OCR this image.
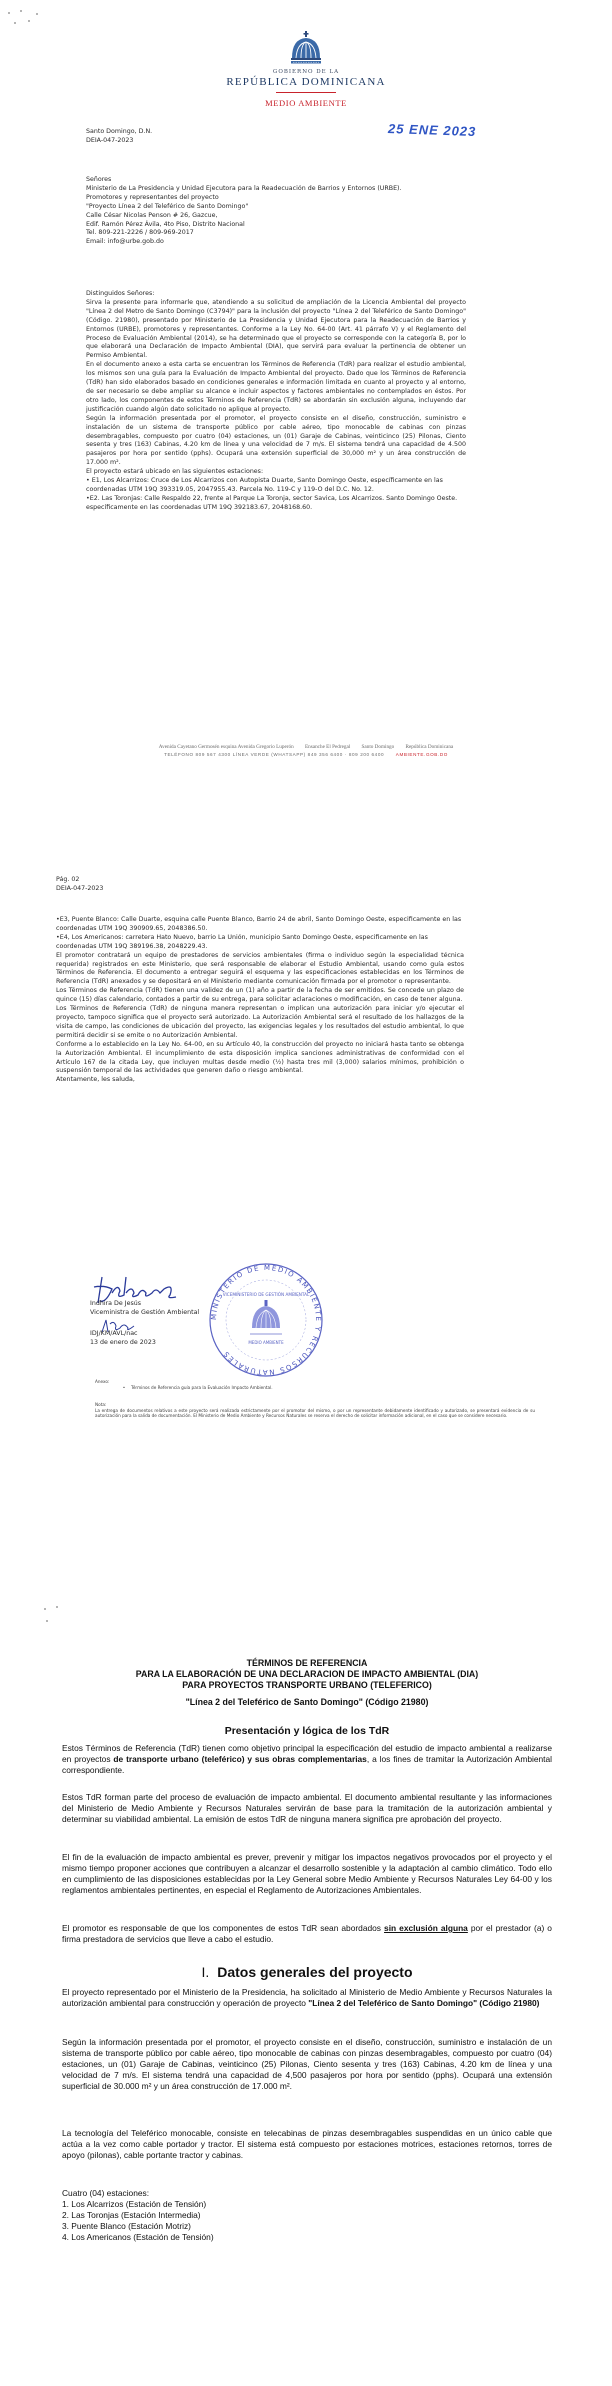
GOBIERNO DE LA
REPÚBLICA DOMINICANA
MEDIO AMBIENTE
25 ENE 2023

Santo Domingo, D.N.

DEIA-047-2023

Señores

Ministerio de La Presidencia y Unidad Ejecutora para la Readecuación de Barrios y Entornos (URBE).

Promotores y representantes del proyecto

"Proyecto Línea 2 del Teleférico de Santo Domingo"

Calle César Nicolas Penson # 26, Gazcue,

Edif. Ramón Pérez Ávila, 4to Piso, Distrito Nacional

Tel. 809-221-2226 / 809-969-2017

Email: info@urbe.gob.do

Distinguidos Señores:

Sirva la presente para informarle que, atendiendo a su solicitud de ampliación de la Licencia Ambiental del proyecto "Línea 2 del Metro de Santo Domingo (C3794)" para la inclusión del proyecto "Línea 2 del Teleférico de Santo Domingo" (Código. 21980), presentado por Ministerio de La Presidencia y Unidad Ejecutora para la Readecuación de Barrios y Entornos (URBE), promotores y representantes. Conforme a la Ley No. 64-00 (Art. 41 párrafo V) y el Reglamento del Proceso de Evaluación Ambiental (2014), se ha determinado que el proyecto se corresponde con la categoría B, por lo que elaborará una Declaración de Impacto Ambiental (DIA), que servirá para evaluar la pertinencia de obtener un Permiso Ambiental.

En el documento anexo a esta carta se encuentran los Términos de Referencia (TdR) para realizar el estudio ambiental, los mismos son una guía para la Evaluación de Impacto Ambiental del proyecto. Dado que los Términos de Referencia (TdR) han sido elaborados basado en condiciones generales e información limitada en cuanto al proyecto y al entorno, de ser necesario se debe ampliar su alcance e incluir aspectos y factores ambientales no contemplados en éstos. Por otro lado, los componentes de estos Términos de Referencia (TdR) se abordarán sin exclusión alguna, incluyendo dar justificación cuando algún dato solicitado no aplique al proyecto.

Según la información presentada por el promotor, el proyecto consiste en el diseño, construcción, suministro e instalación de un sistema de transporte público por cable aéreo, tipo monocable de cabinas con pinzas desembragables, compuesto por cuatro (04) estaciones, un (01) Garaje de Cabinas, veinticinco (25) Pilonas, Ciento sesenta y tres (163) Cabinas, 4.20 km de línea y una velocidad de 7 m/s. El sistema tendrá una capacidad de 4.500 pasajeros por hora por sentido (pphs). Ocupará una extensión superficial de 30,000 m² y un área construcción de 17.000 m².

El proyecto estará ubicado en las siguientes estaciones:

• E1, Los Alcarrizos: Cruce de Los Alcarrizos con Autopista Duarte, Santo Domingo Oeste, específicamente en las coordenadas UTM 19Q 393319.05, 2047955.43. Parcela No. 119-C y 119-O del D.C. No. 12.

•E2. Las Toronjas: Calle Respaldo 22, frente al Parque La Toronja, sector Savica, Los Alcarrizos. Santo Domingo Oeste. específicamente en las coordenadas UTM 19Q 392183.67, 2048168.60.

Avenida Cayetano Germosén esquina Avenida Gregorio Luperón Ensanche El Pedregal Santo Domingo República Dominicana
TELÉFONO 809 567 4300 LÍNEA VERDE (WHATSAPP) 849 356 6400 · 809 200 6400	AMBIENTE.GOB.DO

Pág. 02

DEIA-047-2023

•E3, Puente Blanco: Calle Duarte, esquina calle Puente Blanco, Barrio 24 de abril, Santo Domingo Oeste, especificamente en las coordenadas UTM 19Q 390909.65, 2048386.50.

•E4, Los Americanos: carretera Hato Nuevo, barrio La Unión, municipio Santo Domingo Oeste, especificamente en las coordenadas UTM 19Q 389196.38, 2048229.43.

El promotor contratará un equipo de prestadores de servicios ambientales (firma o individuo según la especialidad técnica requerida) registrados en este Ministerio, que será responsable de elaborar el Estudio Ambiental, usando como guía estos Términos de Referencia. El documento a entregar seguirá el esquema y las especificaciones establecidas en los Términos de Referencia (TdR) anexados y se depositará en el Ministerio mediante comunicación firmada por el promotor o representante.

Los Términos de Referencia (TdR) tienen una validez de un (1) año a partir de la fecha de ser emitidos. Se concede un plazo de quince (15) días calendario, contados a partir de su entrega, para solicitar aclaraciones o modificación, en caso de tener alguna.

Los Términos de Referencia (TdR) de ninguna manera representan o implican una autorización para iniciar y/o ejecutar el proyecto, tampoco significa que el proyecto será autorizado. La Autorización Ambiental será el resultado de los hallazgos de la visita de campo, las condiciones de ubicación del proyecto, las exigencias legales y los resultados del estudio ambiental, lo que permitirá decidir si se emite o no Autorización Ambiental.

Conforme a lo establecido en la Ley No. 64-00, en su Artículo 40, la construcción del proyecto no iniciará hasta tanto se obtenga la Autorización Ambiental. El incumplimiento de esta disposición implica sanciones administrativas de conformidad con el Artículo 167 de la citada Ley, que incluyen multas desde medio (½) hasta tres mil (3,000) salarios mínimos, prohibición o suspensión temporal de las actividades que generen daño o riesgo ambiental.

Atentamente, les saluda,

Indhira De Jesús

Viceministra de Gestión Ambiental

IDJ/KM/AVL/nac

13 de enero de 2023

MINISTERIO DE MEDIO AMBIENTE Y RECURSOS NATURALES
VICEMINISTERIO DE GESTIÓN AMBIENTAL
MEDIO AMBIENTE

Anexo:

• Términos de Referencia guía para la Evaluación Impacto Ambiental.

Nota:

La entrega de documentos relativos a este proyecto será realizada estrictamente por el promotor del mismo, o por un representante debidamente identificado y autorizado, se presentará evidencia de su autorización para la salida de documentación. El Ministerio de Medio Ambiente y Recursos Naturales se reserva el derecho de solicitar información adicional, en el caso que se considere necesario.

TÉRMINOS DE REFERENCIA
PARA LA ELABORACIÓN DE UNA DECLARACION DE IMPACTO AMBIENTAL (DIA)
PARA PROYECTOS TRANSPORTE URBANO (TELEFERICO)
"Línea 2 del Teleférico de Santo Domingo" (Código 21980)
Presentación y lógica de los TdR
Estos Términos de Referencia (TdR) tienen como objetivo principal la especificación del estudio de impacto ambiental a realizarse en proyectos de transporte urbano (teleférico) y sus obras complementarias, a los fines de tramitar la Autorización Ambiental correspondiente.
Estos TdR forman parte del proceso de evaluación de impacto ambiental. El documento ambiental resultante y las informaciones del Ministerio de Medio Ambiente y Recursos Naturales servirán de base para la tramitación de la autorización ambiental y determinar su viabilidad ambiental. La emisión de estos TdR de ninguna manera significa pre aprobación del proyecto.
El fin de la evaluación de impacto ambiental es prever, prevenir y mitigar los impactos negativos provocados por el proyecto y el mismo tiempo proponer acciones que contribuyen a alcanzar el desarrollo sostenible y la adaptación al cambio climático. Todo ello en cumplimiento de las disposiciones establecidas por la Ley General sobre Medio Ambiente y Recursos Naturales Ley 64-00 y los reglamentos ambientales pertinentes, en especial el Reglamento de Autorizaciones Ambientales.
El promotor es responsable de que los componentes de estos TdR sean abordados sin exclusión alguna por el prestador (a) o firma prestadora de servicios que lleve a cabo el estudio.
I. Datos generales del proyecto
El proyecto representado por el Ministerio de la Presidencia, ha solicitado al Ministerio de Medio Ambiente y Recursos Naturales la autorización ambiental para construcción y operación de proyecto "Línea 2 del Teleférico de Santo Domingo" (Código 21980)
Según la información presentada por el promotor, el proyecto consiste en el diseño, construcción, suministro e instalación de un sistema de transporte público por cable aéreo, tipo monocable de cabinas con pinzas desembragables, compuesto por cuatro (04) estaciones, un (01) Garaje de Cabinas, veinticinco (25) Pilonas, Ciento sesenta y tres (163) Cabinas, 4.20 km de línea y una velocidad de 7 m/s. El sistema tendrá una capacidad de 4,500 pasajeros por hora por sentido (pphs). Ocupará una extensión superficial de 30.000 m² y un área construcción de 17.000 m².
La tecnología del Teleférico monocable, consiste en telecabinas de pinzas desembragables suspendidas en un único cable que actúa a la vez como cable portador y tractor. El sistema está compuesto por estaciones motrices, estaciones retornos, torres de apoyo (pilonas), cable portante tractor y cabinas.
Cuatro (04) estaciones:
1. Los Alcarrizos (Estación de Tensión)
2. Las Toronjas (Estación Intermedia)
3. Puente Blanco (Estación Motriz)
4. Los Americanos (Estación de Tensión)
